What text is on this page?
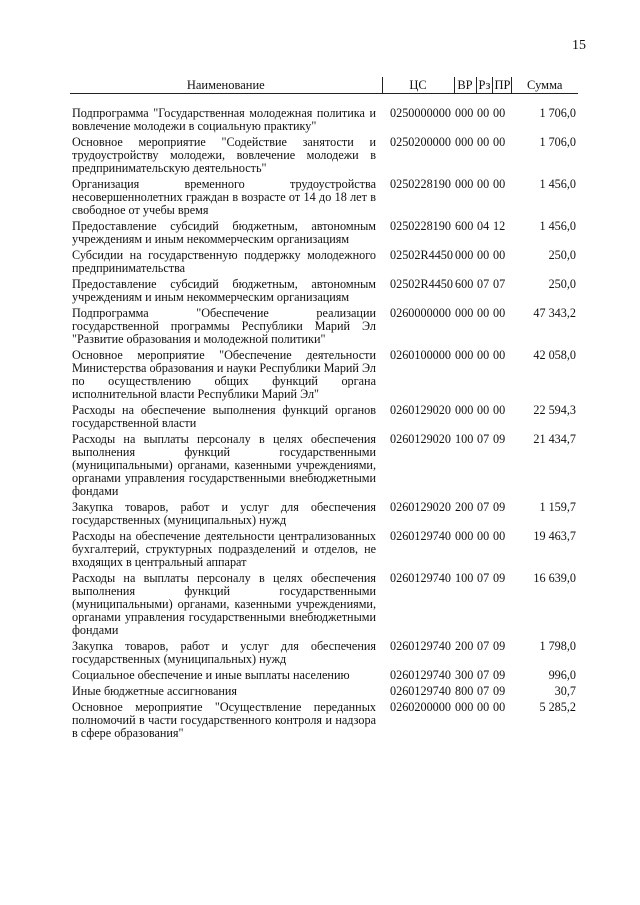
15
Наименование	ЦС	ВР	Рз	ПР	Сумма
Подпрограмма "Государственная молодежная политика и вовлечение молодежи в социальную практику"	0250000000	000	00	00	1 706,0
Основное мероприятие "Содействие занятости и трудоустройству молодежи, вовлечение молодежи в предпринимательскую деятельность"	0250200000	000	00	00	1 706,0
Организация временного трудоустройства несовершеннолетних граждан в возрасте от 14 до 18 лет в свободное от учебы время	0250228190	000	00	00	1 456,0
Предоставление субсидий бюджетным, автономным учреждениям и иным некоммерческим организациям	0250228190	600	04	12	1 456,0
Субсидии на государственную поддержку молодежного предпринимательства	02502R4450	000	00	00	250,0
Предоставление субсидий бюджетным, автономным учреждениям и иным некоммерческим организациям	02502R4450	600	07	07	250,0
Подпрограмма "Обеспечение реализации государственной программы Республики Марий Эл "Развитие образования и молодежной политики"	0260000000	000	00	00	47 343,2
Основное мероприятие "Обеспечение деятельности Министерства образования и науки Республики Марий Эл по осуществлению общих функций органа исполнительной власти Республики Марий Эл"	0260100000	000	00	00	42 058,0
Расходы на обеспечение выполнения функций органов государственной власти	0260129020	000	00	00	22 594,3
Расходы на выплаты персоналу в целях обеспечения выполнения функций государственными (муниципальными) органами, казенными учреждениями, органами управления государственными внебюджетными фондами	0260129020	100	07	09	21 434,7
Закупка товаров, работ и услуг для обеспечения государственных (муниципальных) нужд	0260129020	200	07	09	1 159,7
Расходы на обеспечение деятельности централизованных бухгалтерий, структурных подразделений и отделов, не входящих в центральный аппарат	0260129740	000	00	00	19 463,7
Расходы на выплаты персоналу в целях обеспечения выполнения функций государственными (муниципальными) органами, казенными учреждениями, органами управления государственными внебюджетными фондами	0260129740	100	07	09	16 639,0
Закупка товаров, работ и услуг для обеспечения государственных (муниципальных) нужд	0260129740	200	07	09	1 798,0
Социальное обеспечение и иные выплаты населению	0260129740	300	07	09	996,0
Иные бюджетные ассигнования	0260129740	800	07	09	30,7
Основное мероприятие "Осуществление переданных полномочий в части государственного контроля и надзора в сфере образования"	0260200000	000	00	00	5 285,2
